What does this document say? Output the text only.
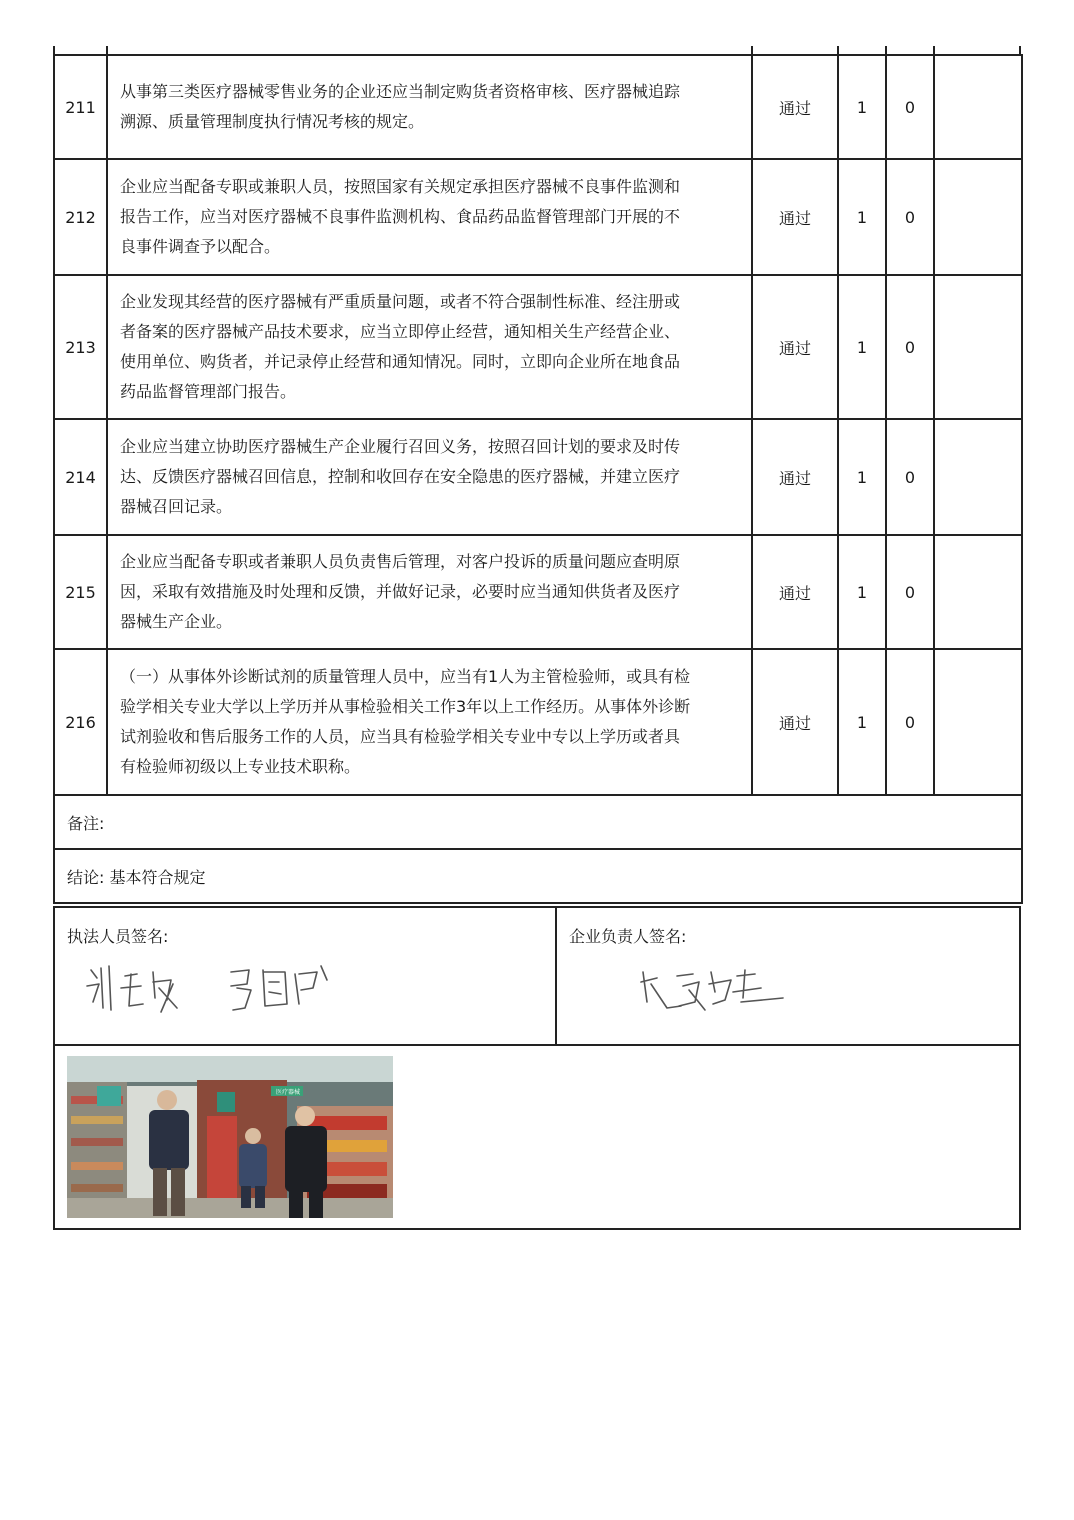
211	从事第三类医疗器械零售业务的企业还应当制定购货者资格审核、医疗器械追踪
溯源、质量管理制度执行情况考核的规定。	通过	1	0	
212	企业应当配备专职或兼职人员，按照国家有关规定承担医疗器械不良事件监测和
报告工作，应当对医疗器械不良事件监测机构、食品药品监督管理部门开展的不
良事件调查予以配合。	通过	1	0	
213	企业发现其经营的医疗器械有严重质量问题，或者不符合强制性标准、经注册或
者备案的医疗器械产品技术要求，应当立即停止经营，通知相关生产经营企业、
使用单位、购货者，并记录停止经营和通知情况。同时，立即向企业所在地食品
药品监督管理部门报告。	通过	1	0	
214	企业应当建立协助医疗器械生产企业履行召回义务，按照召回计划的要求及时传
达、反馈医疗器械召回信息，控制和收回存在安全隐患的医疗器械，并建立医疗
器械召回记录。	通过	1	0	
215	企业应当配备专职或者兼职人员负责售后管理，对客户投诉的质量问题应查明原
因，采取有效措施及时处理和反馈，并做好记录，必要时应当通知供货者及医疗
器械生产企业。	通过	1	0	
216	（一）从事体外诊断试剂的质量管理人员中，应当有1人为主管检验师，或具有检
验学相关专业大学以上学历并从事检验相关工作3年以上工作经历。从事体外诊断
试剂验收和售后服务工作的人员，应当具有检验学相关专业中专以上学历或者具
有检验师初级以上专业技术职称。	通过	1	0	
备注:					
结论: 基本符合规定					
执法人员签名:	企业负责人签名:
医疗器械
